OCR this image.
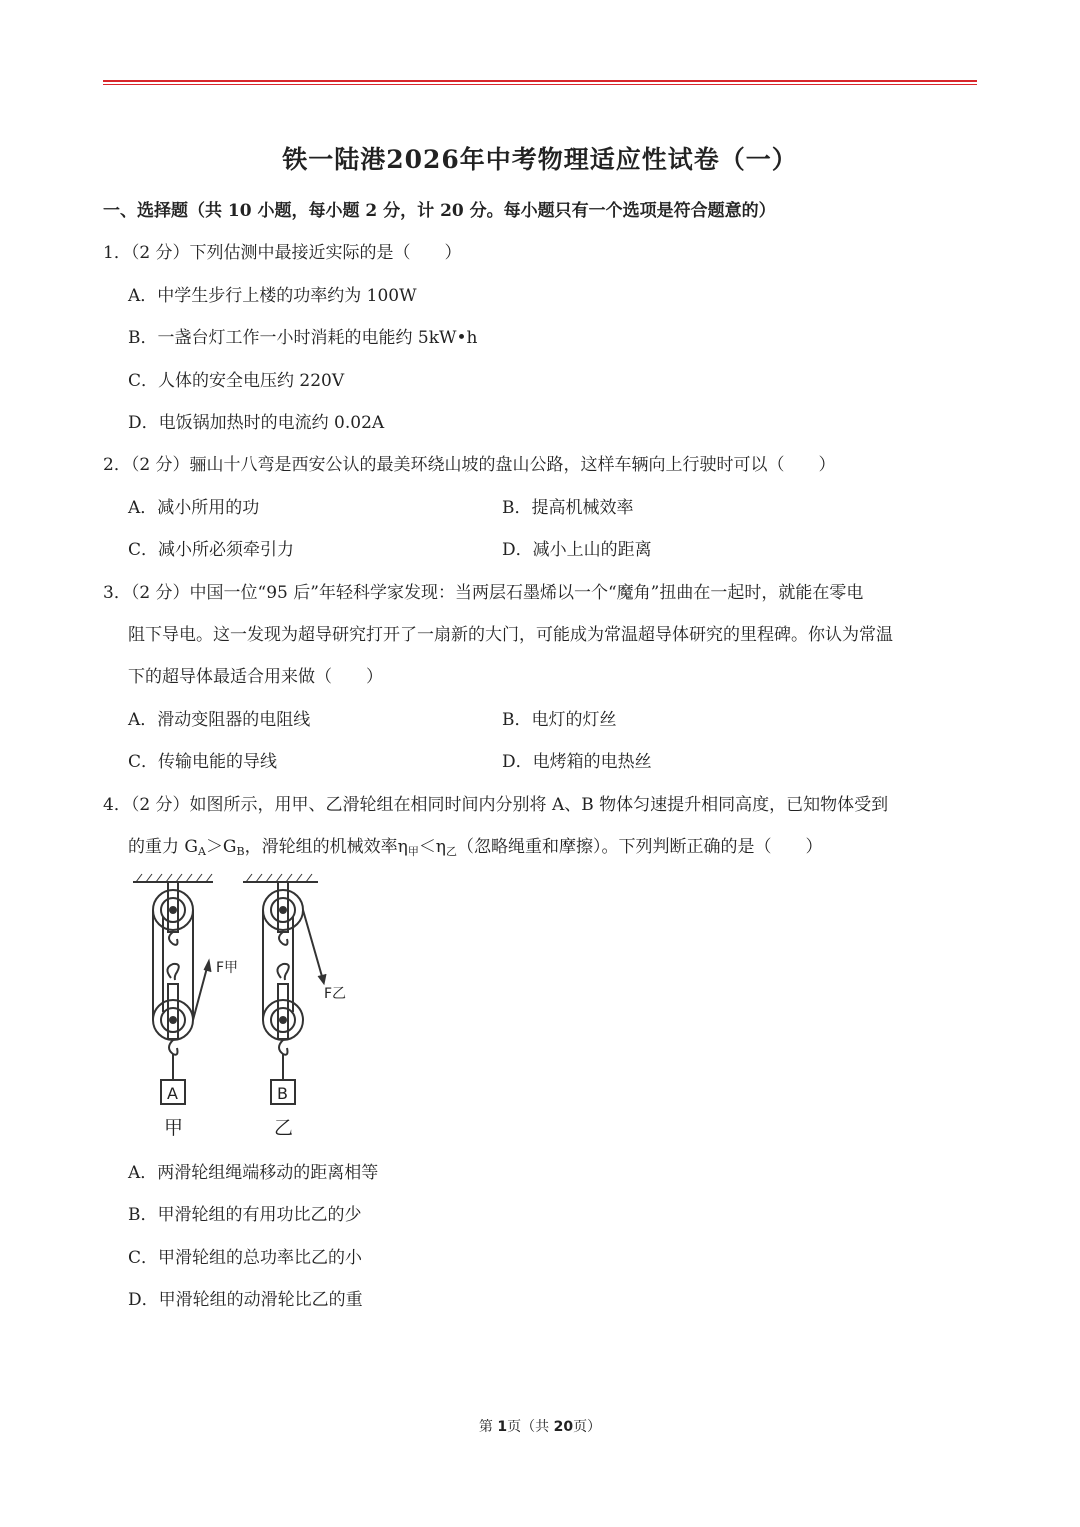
铁一陆港2026年中考物理适应性试卷（一）
一、选择题（共 10 小题，每小题 2 分，计 20 分。每小题只有一个选项是符合题意的）
1．（2 分）下列估测中最接近实际的是（　　）
A．中学生步行上楼的功率约为 100W
B．一盏台灯工作一小时消耗的电能约 5kW•h
C．人体的安全电压约 220V
D．电饭锅加热时的电流约 0.02A
2．（2 分）骊山十八弯是西安公认的最美环绕山坡的盘山公路，这样车辆向上行驶时可以（　　）
A．减小所用的功	B．提高机械效率
C．减小所必须牵引力	D．减小上山的距离
3．（2 分）中国一位“95 后”年轻科学家发现：当两层石墨烯以一个“魔角”扭曲在一起时，就能在零电
阻下导电。这一发现为超导研究打开了一扇新的大门，可能成为常温超导体研究的里程碑。你认为常温
下的超导体最适合用来做（　　）
A．滑动变阻器的电阻线	B．电灯的灯丝
C．传输电能的导线	D．电烤箱的电热丝
4．（2 分）如图所示，用甲、乙滑轮组在相同时间内分别将 A、B 物体匀速提升相同高度，已知物体受到
的重力 $G_A>G_B$，滑轮组的机械效率$\eta_甲<\eta_乙$（忽略绳重和摩擦）。下列判断正确的是（　　）
F甲
F乙
A	B
甲	乙
A．两滑轮组绳端移动的距离相等
B．甲滑轮组的有用功比乙的少
C．甲滑轮组的总功率比乙的小
D．甲滑轮组的动滑轮比乙的重
第 1页（共 20页）
